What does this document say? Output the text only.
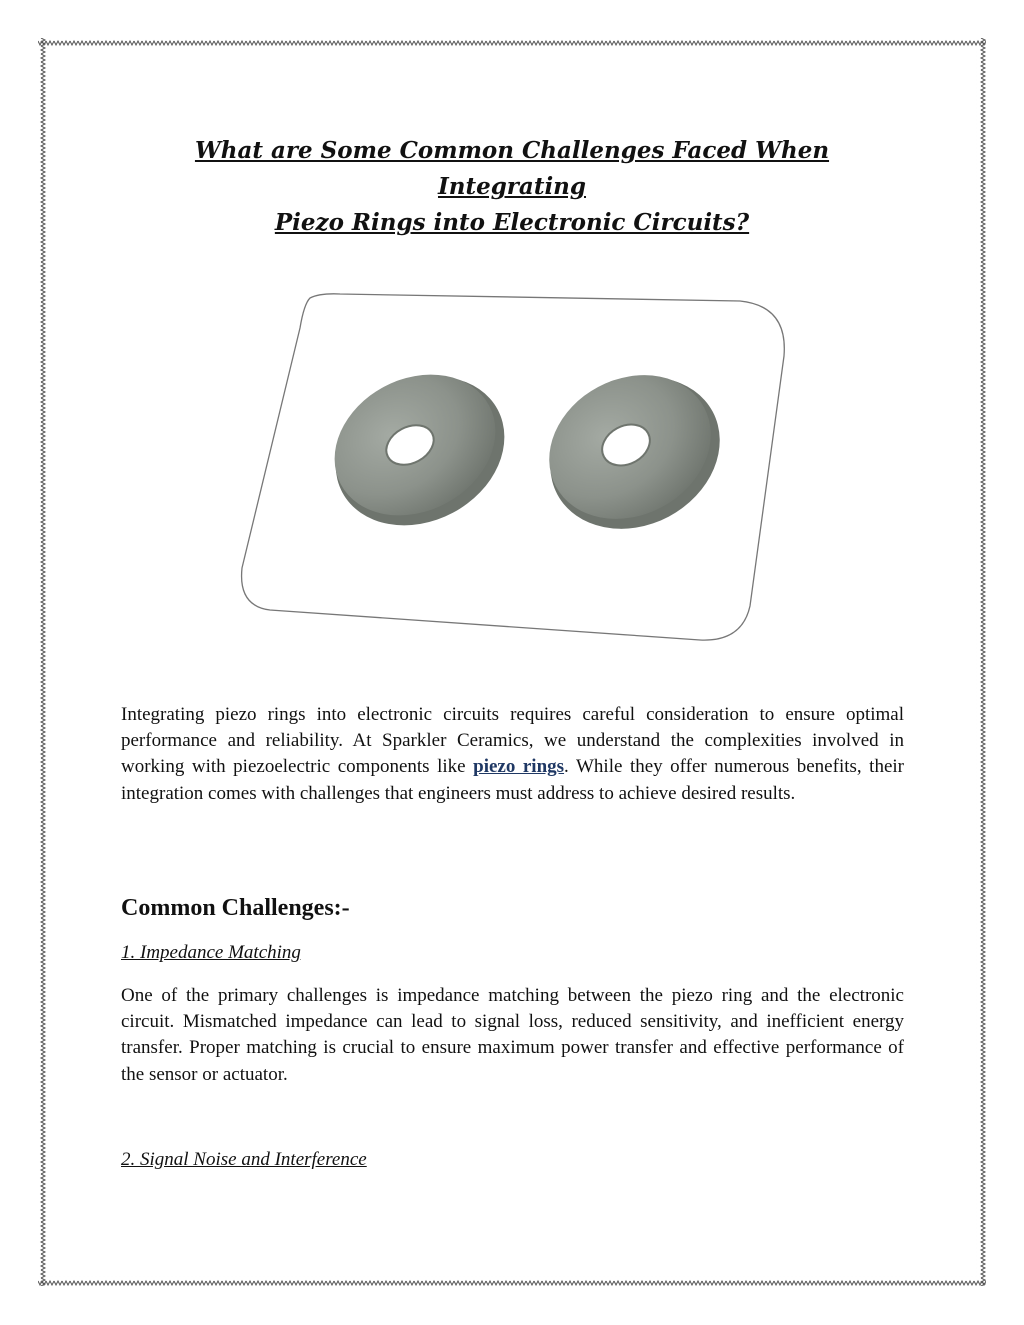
What are Some Common Challenges Faced When Integrating
Piezo Rings into Electronic Circuits?

Integrating piezo rings into electronic circuits requires careful consideration to ensure optimal performance and reliability. At Sparkler Ceramics, we understand the complexities involved in working with piezoelectric components like piezo rings. While they offer numerous benefits, their integration comes with challenges that engineers must address to achieve desired results.

Common Challenges:-

1. Impedance Matching

One of the primary challenges is impedance matching between the piezo ring and the electronic circuit. Mismatched impedance can lead to signal loss, reduced sensitivity, and inefficient energy transfer. Proper matching is crucial to ensure maximum power transfer and effective performance of the sensor or actuator.

2. Signal Noise and Interference
